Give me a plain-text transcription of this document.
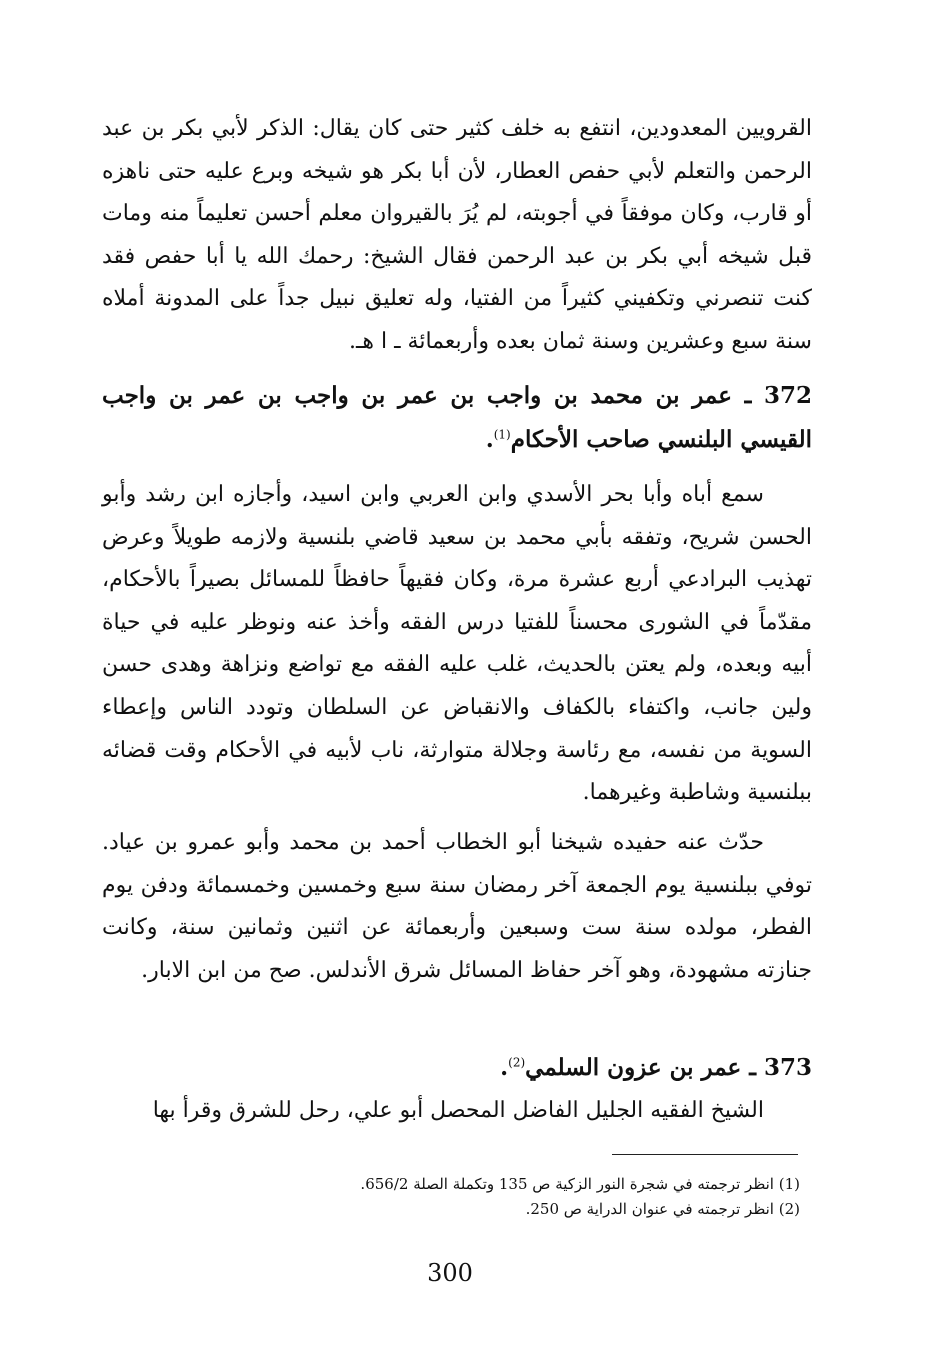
القرويين المعدودين، انتفع به خلف كثير حتى كان يقال: الذكر لأبي بكر بن عبد الرحمن والتعلم لأبي حفص العطار، لأن أبا بكر هو شيخه وبرع عليه حتى ناهزه أو قارب، وكان موفقاً في أجوبته، لم يُرَ بالقيروان معلم أحسن تعليماً منه ومات قبل شيخه أبي بكر بن عبد الرحمن فقال الشيخ: رحمك الله يا أبا حفص فقد كنت تنصرني وتكفيني كثيراً من الفتيا، وله تعليق نبيل جداً على المدونة أملاه سنة سبع وعشرين وسنة ثمان بعده وأربعمائة ـ ا هـ.

372 ـ عمر بن محمد بن واجب بن عمر بن واجب بن عمر بن واجب القيسي البلنسي صاحب الأحكام$^{(1)}$.

سمع أباه وأبا بحر الأسدي وابن العربي وابن اسيد، وأجازه ابن رشد وأبو الحسن شريح، وتفقه بأبي محمد بن سعيد قاضي بلنسية ولازمه طويلاً وعرض تهذيب البرادعي أربع عشرة مرة، وكان فقيهاً حافظاً للمسائل بصيراً بالأحكام، مقدّماً في الشورى محسناً للفتيا درس الفقه وأخذ عنه ونوظر عليه في حياة أبيه وبعده، ولم يعتن بالحديث، غلب عليه الفقه مع تواضع ونزاهة وهدى حسن ولين جانب، واكتفاء بالكفاف والانقباض عن السلطان وتودد الناس وإعطاء السوية من نفسه، مع رئاسة وجلالة متوارثة، ناب لأبيه في الأحكام وقت قضائه ببلنسية وشاطبة وغيرهما.

حدّث عنه حفيده شيخنا أبو الخطاب أحمد بن محمد وأبو عمرو بن عياد. توفي ببلنسية يوم الجمعة آخر رمضان سنة سبع وخمسين وخمسمائة ودفن يوم الفطر، مولده سنة ست وسبعين وأربعمائة عن اثنين وثمانين سنة، وكانت جنازته مشهودة، وهو آخر حفاظ المسائل شرق الأندلس. صح من ابن الابار.

373 ـ عمر بن عزون السلمي$^{(2)}$.

الشيخ الفقيه الجليل الفاضل المحصل أبو علي، رحل للشرق وقرأ بها

(1) انظر ترجمته في شجرة النور الزكية ص 135 وتكملة الصلة 656/2.
(2) انظر ترجمته في عنوان الدراية ص 250.
300
